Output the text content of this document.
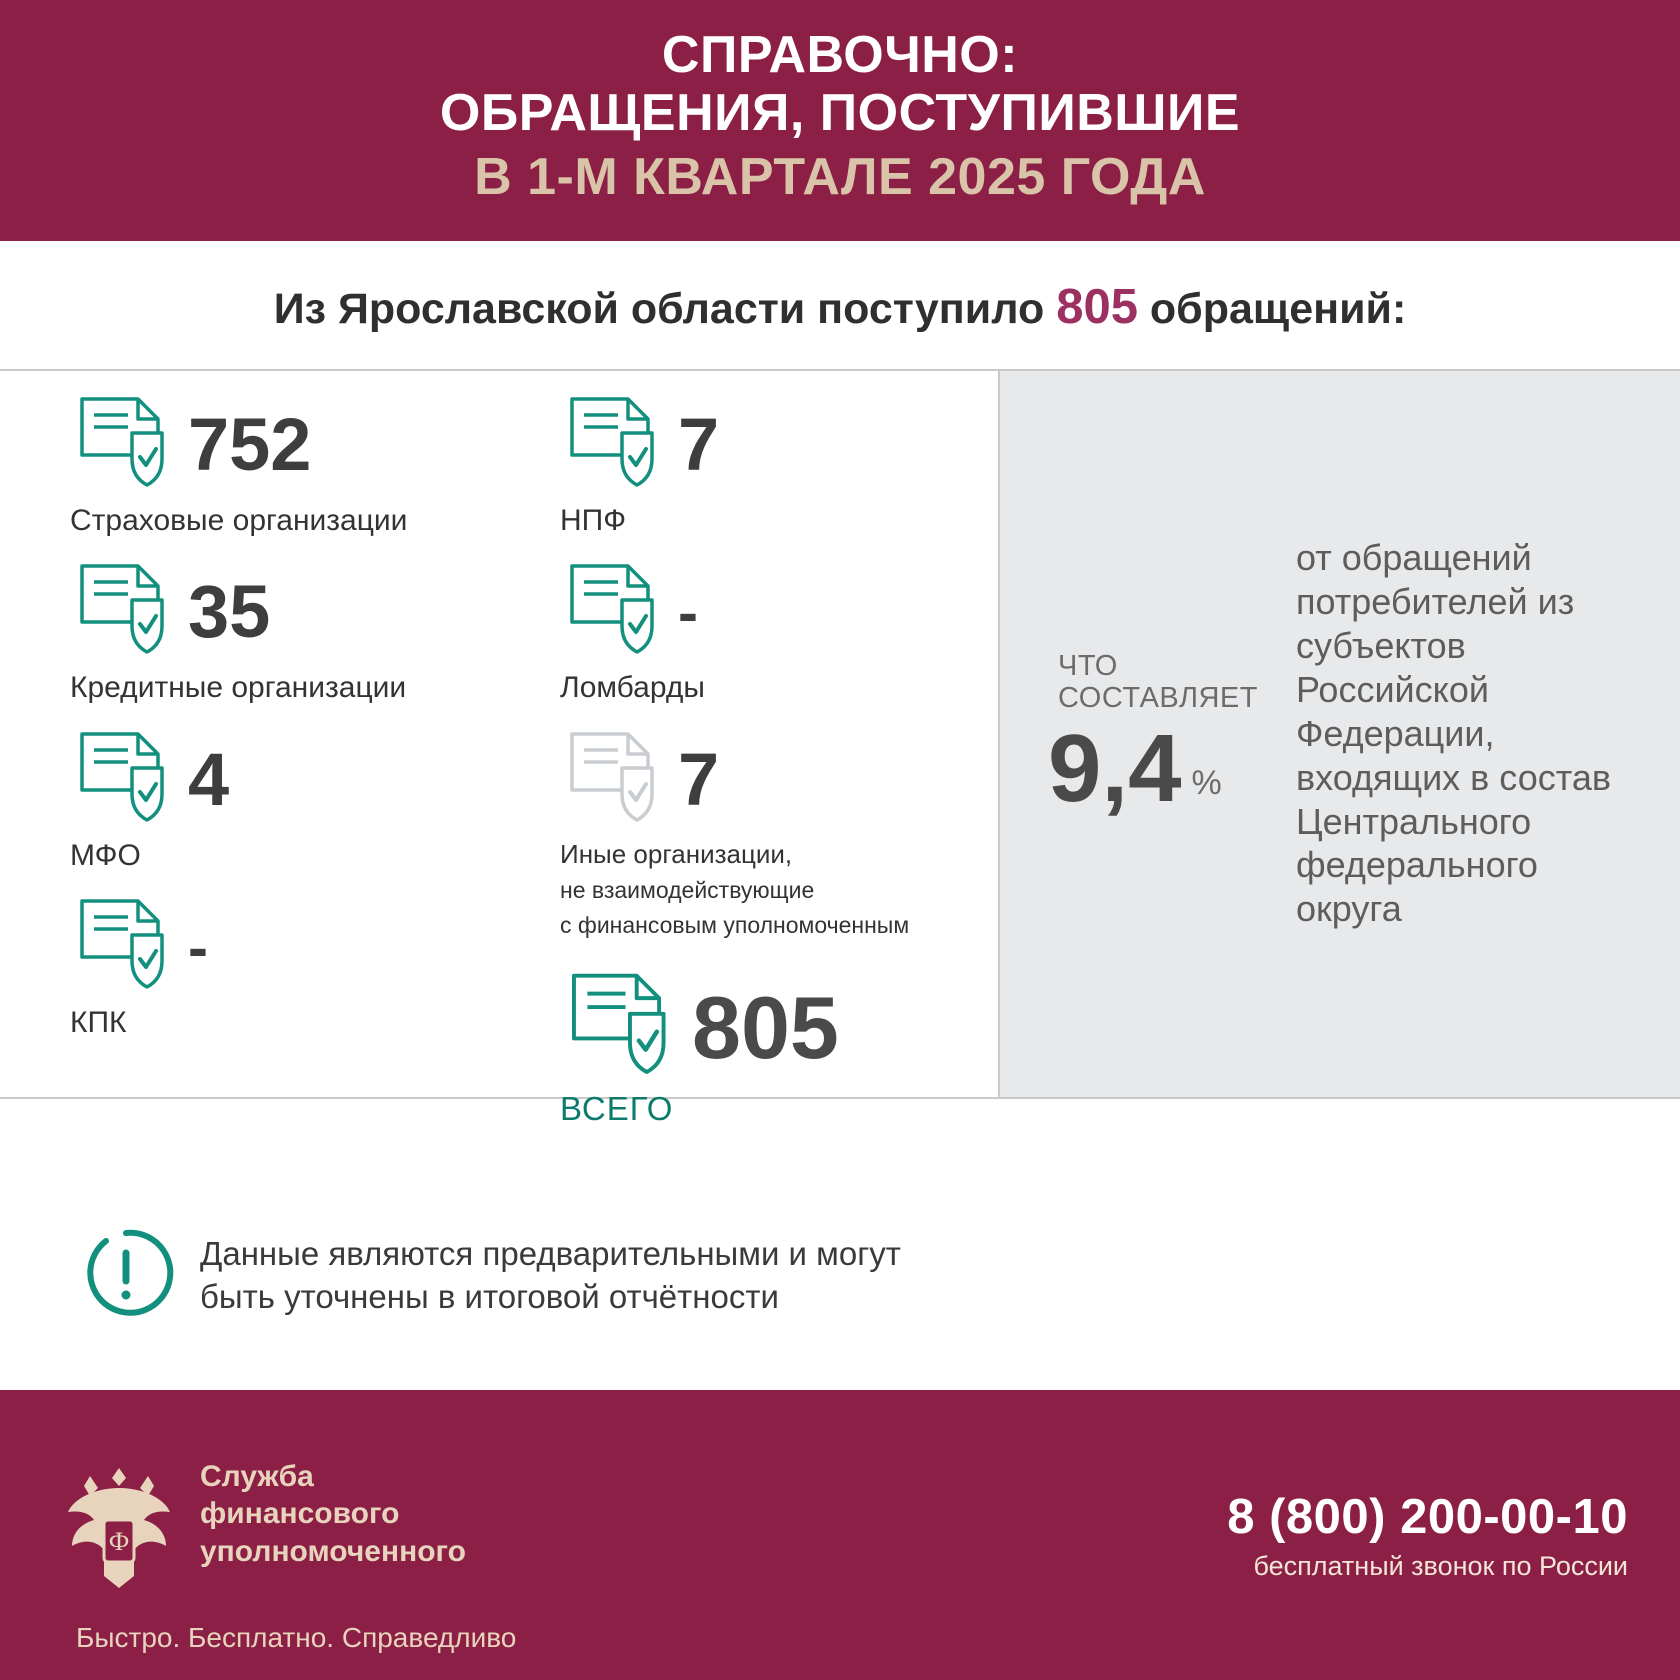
СПРАВОЧНО:
ОБРАЩЕНИЯ, ПОСТУПИВШИЕ
В 1-М КВАРТАЛЕ 2025 ГОДА
Из Ярославской области поступило 805 обращений:
752
Страховые организации
35
Кредитные организации
4
МФО
-
КПК
7
НПФ
-
Ломбарды
7
Иные организации,
не взаимодействующие
с финансовым уполномоченным
805
ВСЕГО
ЧТО
СОСТАВЛЯЕТ
9,4 %
от обращений потребителей из субъектов Российской Федерации, входящих в состав Центрального федерального округа
Данные являются предварительными и могут
быть уточнены в итоговой отчётности
Ф
Служба
финансового
уполномоченного
Быстро. Бесплатно. Справедливо
8 (800) 200-00-10
бесплатный звонок по России
